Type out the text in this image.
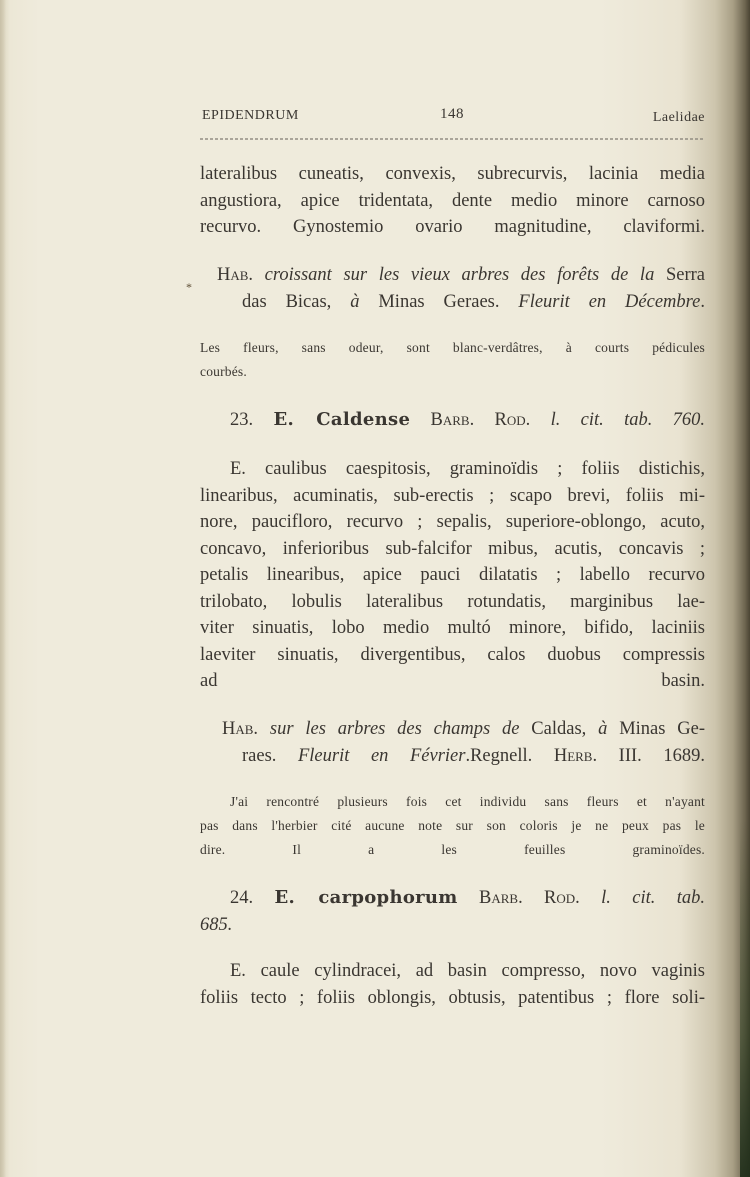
EPIDENDRUM	148	Laelidae
lateralibus cuneatis, convexis, subrecurvis, lacinia media
angustiora, apice tridentata, dente medio minore carnoso
recurvo. Gynostemio ovario magnitudine, claviformi.
*
Hab. croissant sur les vieux arbres des forêts de la Serra
das Bicas, à Minas Geraes. Fleurit en Décembre.
Les fleurs, sans odeur, sont blanc-verdâtres, à courts pédicules
courbés.
23. E. Caldense Barb. Rod. l. cit. tab. 760.
E. caulibus caespitosis, graminoïdis ; foliis distichis,
linearibus, acuminatis, sub-erectis ; scapo brevi, foliis mi-
nore, paucifloro, recurvo ; sepalis, superiore-oblongo, acuto,
concavo, inferioribus sub-falcifor mibus, acutis, concavis ;
petalis linearibus, apice pauci dilatatis ; labello recurvo
trilobato, lobulis lateralibus rotundatis, marginibus lae-
viter sinuatis, lobo medio multó minore, bifido, laciniis
laeviter sinuatis, divergentibus, calos duobus compressis
ad basin.
Hab. sur les arbres des champs de Caldas, à Minas Ge-
raes. Fleurit en Février.Regnell. Herb. III. 1689.
J'ai rencontré plusieurs fois cet individu sans fleurs et n'ayant
pas dans l'herbier cité aucune note sur son coloris je ne peux pas le
dire. Il a les feuilles graminoïdes.
24. E. carpophorum Barb. Rod. l. cit. tab.
685.
E. caule cylindracei, ad basin compresso, novo vaginis
foliis tecto ; foliis oblongis, obtusis, patentibus ; flore soli-
